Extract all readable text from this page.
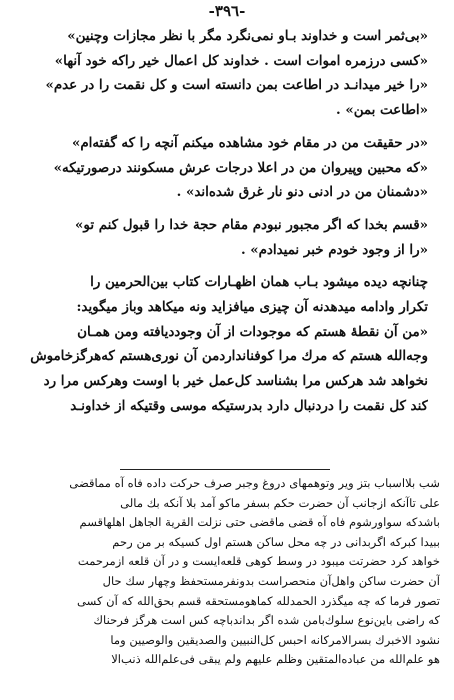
-٣٩٦-

«بی‌ثمر است و خداوند بـاو نمی‌نگرد مگر با نظر مجازات وچنین»

«کسی درزمره اموات است . خداوند کل اعمال خیر راکه خود آنها»

«را خیر میدانـد در اطاعت بمن دانسته است و کل نقمت را در عدم»

«اطاعت بمن» .

«در حقیقت من در مقام خود مشاهده میکنم آنچه را که گفته‌ام»

«که محبین وپیروان من در اعلا درجات عرش مسکونند درصورتیکه»

«دشمنان من در ادنی دنو نار غرق شده‌اند» .

«قسم بخدا که اگر مجبور نبودم مقام حجة خدا را قبول کنم تو»

«را از وجود خودم خبر نمیدادم» .

چنانچه دیده میشود بـاب همان اظهـارات کتاب بین‌الحرمین را

تکرار وادامه میدهدنه آن چیزی میافزاید ونه میکاهد وباز میگوید:

«من آن نقطهٔ هستم که موجودات از آن وجوددیافته ومن همـان

وجه‌الله هستم که مرك مرا کوفنانداردمن آن نوری‌هستم که‌هرگزخاموش

نخواهد شد هرکس مرا بشناسد کل‌عمل خیر با اوست وهرکس مرا رد

کند کل نقمت را دردنبال دارد بدرستیکه موسی وقتیکه از خداونـد

شب بلااسباب بتز ویر وتوهمهای دروغ وجبر صرف حرکت داده فاه آه مماقضی

علی تاآنکه ازجانب آن حضرت حکم بسفر ماکو آمد بلا آنکه بك مالی

باشدکه سواورشوم فاه آه قضی ماقضی حتی نزلت القریة الجاهل اهلهاقسم

ببیدا کبرکه اگربدانی در چه محل ساکن هستم اول کسیکه بر من رحم

خواهد کرد حضرتت میبود در وسط کوهی قلعه‌ایست و در آن قلعه ازمرحمت

آن حضرت ساکن واهل‌آن منحصراست بدونفرمستحفظ وچهار سك حال

تصور فرما که چه میگذرد الحمدلله کماهومستحقه قسم بحق‌الله که آن کسی

که راضی باین‌نوع سلوك‌با‌من شده اگر بداندباچه کس است هرگز فرحناك

نشود الاخبرك بسرالامرکانه احبس کل‌النبیین والصدیقین والوصیین وما

هو علم‌الله من عباده‌المتقین وظلم علیهم ولم یبقی فی‌علم‌الله ذنب‌الا
